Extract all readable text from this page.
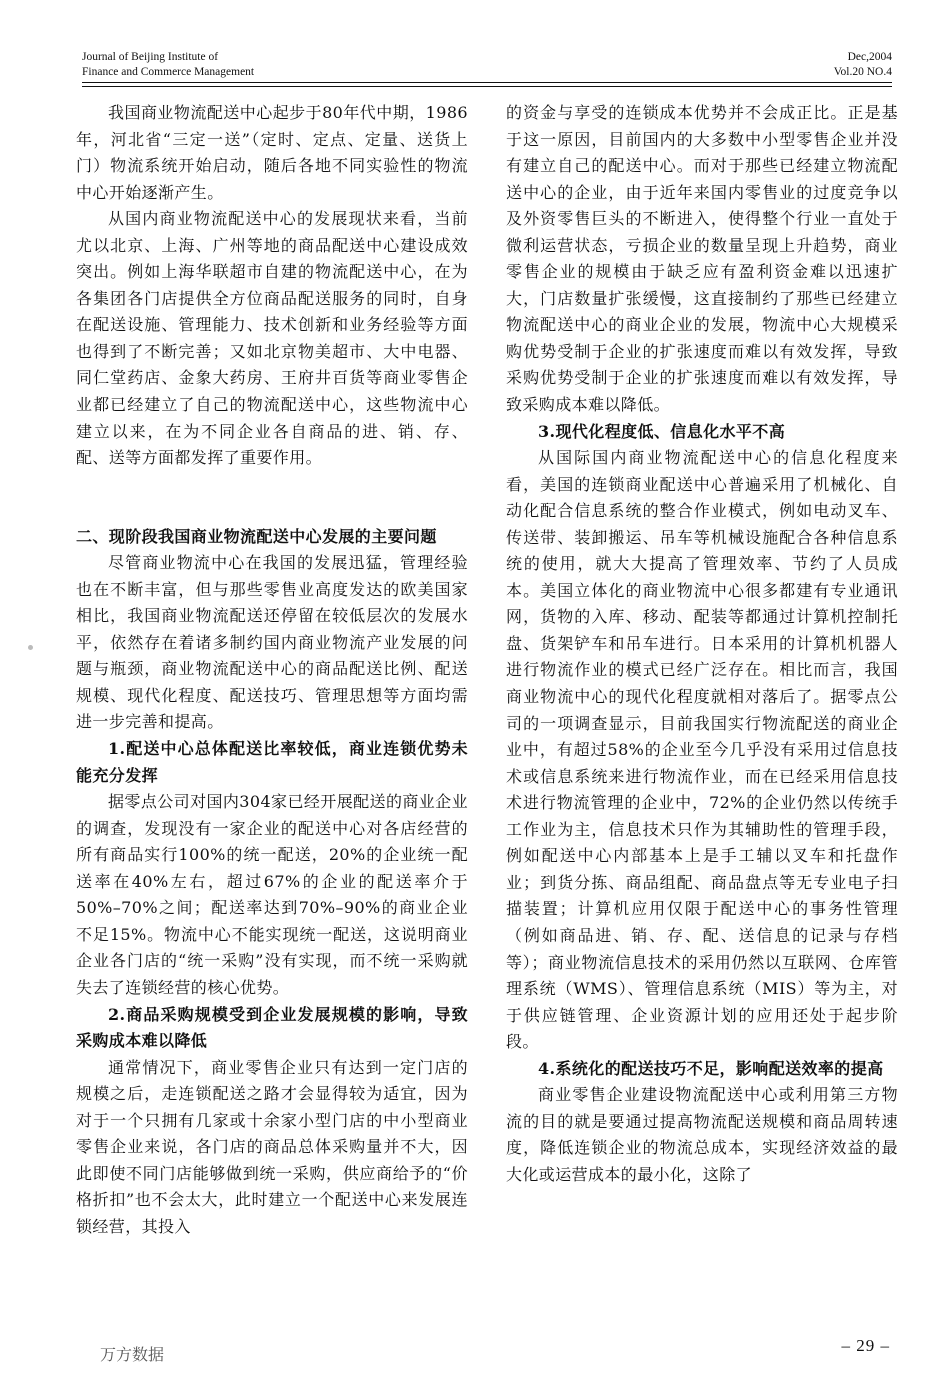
Journal of Beijing Institute of
Finance and Commerce Management
Dec,2004
Vol.20 NO.4

我国商业物流配送中心起步于80年代中期，1986年，河北省“三定一送”（定时、定点、定量、送货上门）物流系统开始启动，随后各地不同实验性的物流中心开始逐渐产生。

从国内商业物流配送中心的发展现状来看，当前尤以北京、上海、广州等地的商品配送中心建设成效突出。例如上海华联超市自建的物流配送中心，在为各集团各门店提供全方位商品配送服务的同时，自身在配送设施、管理能力、技术创新和业务经验等方面也得到了不断完善；又如北京物美超市、大中电器、同仁堂药店、金象大药房、王府井百货等商业零售企业都已经建立了自己的物流配送中心，这些物流中心建立以来，在为不同企业各自商品的进、销、存、配、送等方面都发挥了重要作用。

二、现阶段我国商业物流配送中心发展的主要问题

尽管商业物流中心在我国的发展迅猛，管理经验也在不断丰富，但与那些零售业高度发达的欧美国家相比，我国商业物流配送还停留在较低层次的发展水平，依然存在着诸多制约国内商业物流产业发展的问题与瓶颈，商业物流配送中心的商品配送比例、配送规模、现代化程度、配送技巧、管理思想等方面均需进一步完善和提高。

1.配送中心总体配送比率较低，商业连锁优势未能充分发挥

据零点公司对国内304家已经开展配送的商业企业的调查，发现没有一家企业的配送中心对各店经营的所有商品实行100%的统一配送，20%的企业统一配送率在40%左右，超过67%的企业的配送率介于50%–70%之间；配送率达到70%–90%的商业企业不足15%。物流中心不能实现统一配送，这说明商业企业各门店的“统一采购”没有实现，而不统一采购就失去了连锁经营的核心优势。

2.商品采购规模受到企业发展规模的影响，导致采购成本难以降低

通常情况下，商业零售企业只有达到一定门店的规模之后，走连锁配送之路才会显得较为适宜，因为对于一个只拥有几家或十余家小型门店的中小型商业零售企业来说，各门店的商品总体采购量并不大，因此即使不同门店能够做到统一采购，供应商给予的“价格折扣”也不会太大，此时建立一个配送中心来发展连锁经营，其投入

的资金与享受的连锁成本优势并不会成正比。正是基于这一原因，目前国内的大多数中小型零售企业并没有建立自己的配送中心。而对于那些已经建立物流配送中心的企业，由于近年来国内零售业的过度竞争以及外资零售巨头的不断进入，使得整个行业一直处于微利运营状态，亏损企业的数量呈现上升趋势，商业零售企业的规模由于缺乏应有盈利资金难以迅速扩大，门店数量扩张缓慢，这直接制约了那些已经建立物流配送中心的商业企业的发展，物流中心大规模采购优势受制于企业的扩张速度而难以有效发挥，导致采购优势受制于企业的扩张速度而难以有效发挥，导致采购成本难以降低。

3.现代化程度低、信息化水平不高

从国际国内商业物流配送中心的信息化程度来看，美国的连锁商业配送中心普遍采用了机械化、自动化配合信息系统的整合作业模式，例如电动叉车、传送带、装卸搬运、吊车等机械设施配合各种信息系统的使用，就大大提高了管理效率、节约了人员成本。美国立体化的商业物流中心很多都建有专业通讯网，货物的入库、移动、配装等都通过计算机控制托盘、货架铲车和吊车进行。日本采用的计算机机器人进行物流作业的模式已经广泛存在。相比而言，我国商业物流中心的现代化程度就相对落后了。据零点公司的一项调查显示，目前我国实行物流配送的商业企业中，有超过58%的企业至今几乎没有采用过信息技术或信息系统来进行物流作业，而在已经采用信息技术进行物流管理的企业中，72%的企业仍然以传统手工作业为主，信息技术只作为其辅助性的管理手段，例如配送中心内部基本上是手工辅以叉车和托盘作业；到货分拣、商品组配、商品盘点等无专业电子扫描装置；计算机应用仅限于配送中心的事务性管理（例如商品进、销、存、配、送信息的记录与存档等）；商业物流信息技术的采用仍然以互联网、仓库管理系统（WMS）、管理信息系统（MIS）等为主，对于供应链管理、企业资源计划的应用还处于起步阶段。

4.系统化的配送技巧不足，影响配送效率的提高

商业零售企业建设物流配送中心或利用第三方物流的目的就是要通过提高物流配送规模和商品周转速度，降低连锁企业的物流总成本，实现经济效益的最大化或运营成本的最小化，这除了

万方数据	– 29 –
